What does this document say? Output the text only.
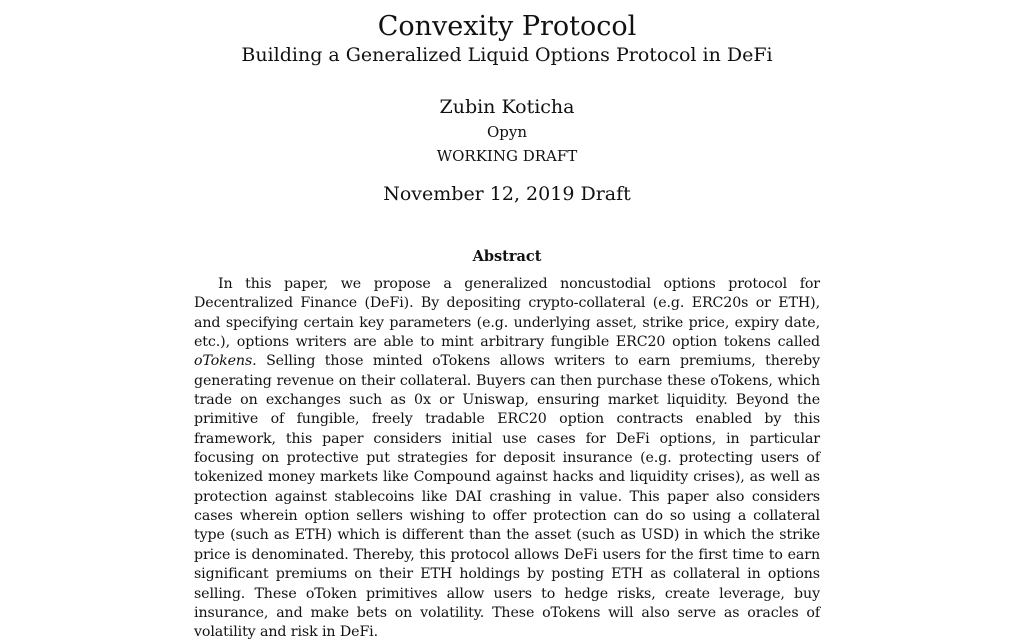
Convexity Protocol
Building a Generalized Liquid Options Protocol in DeFi
Zubin Koticha
Opyn
WORKING DRAFT
November 12, 2019 Draft
Abstract

In this paper, we propose a generalized noncustodial options protocol for Decentralized Finance (DeFi). By depositing crypto-collateral (e.g. ERC20s or ETH), and specifying certain key parameters (e.g. underlying asset, strike price, expiry date, etc.), options writers are able to mint arbitrary fungible ERC20 option tokens called oTokens. Selling those minted oTokens allows writers to earn premiums, thereby generating revenue on their collateral. Buyers can then purchase these oTokens, which trade on exchanges such as 0x or Uniswap, ensuring market liquidity. Beyond the primitive of fungible, freely tradable ERC20 option contracts enabled by this framework, this paper considers initial use cases for DeFi options, in particular focusing on protective put strategies for deposit insurance (e.g. protecting users of tokenized money markets like Compound against hacks and liquidity crises), as well as protection against stablecoins like DAI crashing in value. This paper also considers cases wherein option sellers wishing to offer protection can do so using a collateral type (such as ETH) which is different than the asset (such as USD) in which the strike price is denominated. Thereby, this protocol allows DeFi users for the first time to earn significant premiums on their ETH holdings by posting ETH as collateral in options selling. These oToken primitives allow users to hedge risks, create leverage, buy insurance, and make bets on volatility. These oTokens will also serve as oracles of volatility and risk in DeFi.
